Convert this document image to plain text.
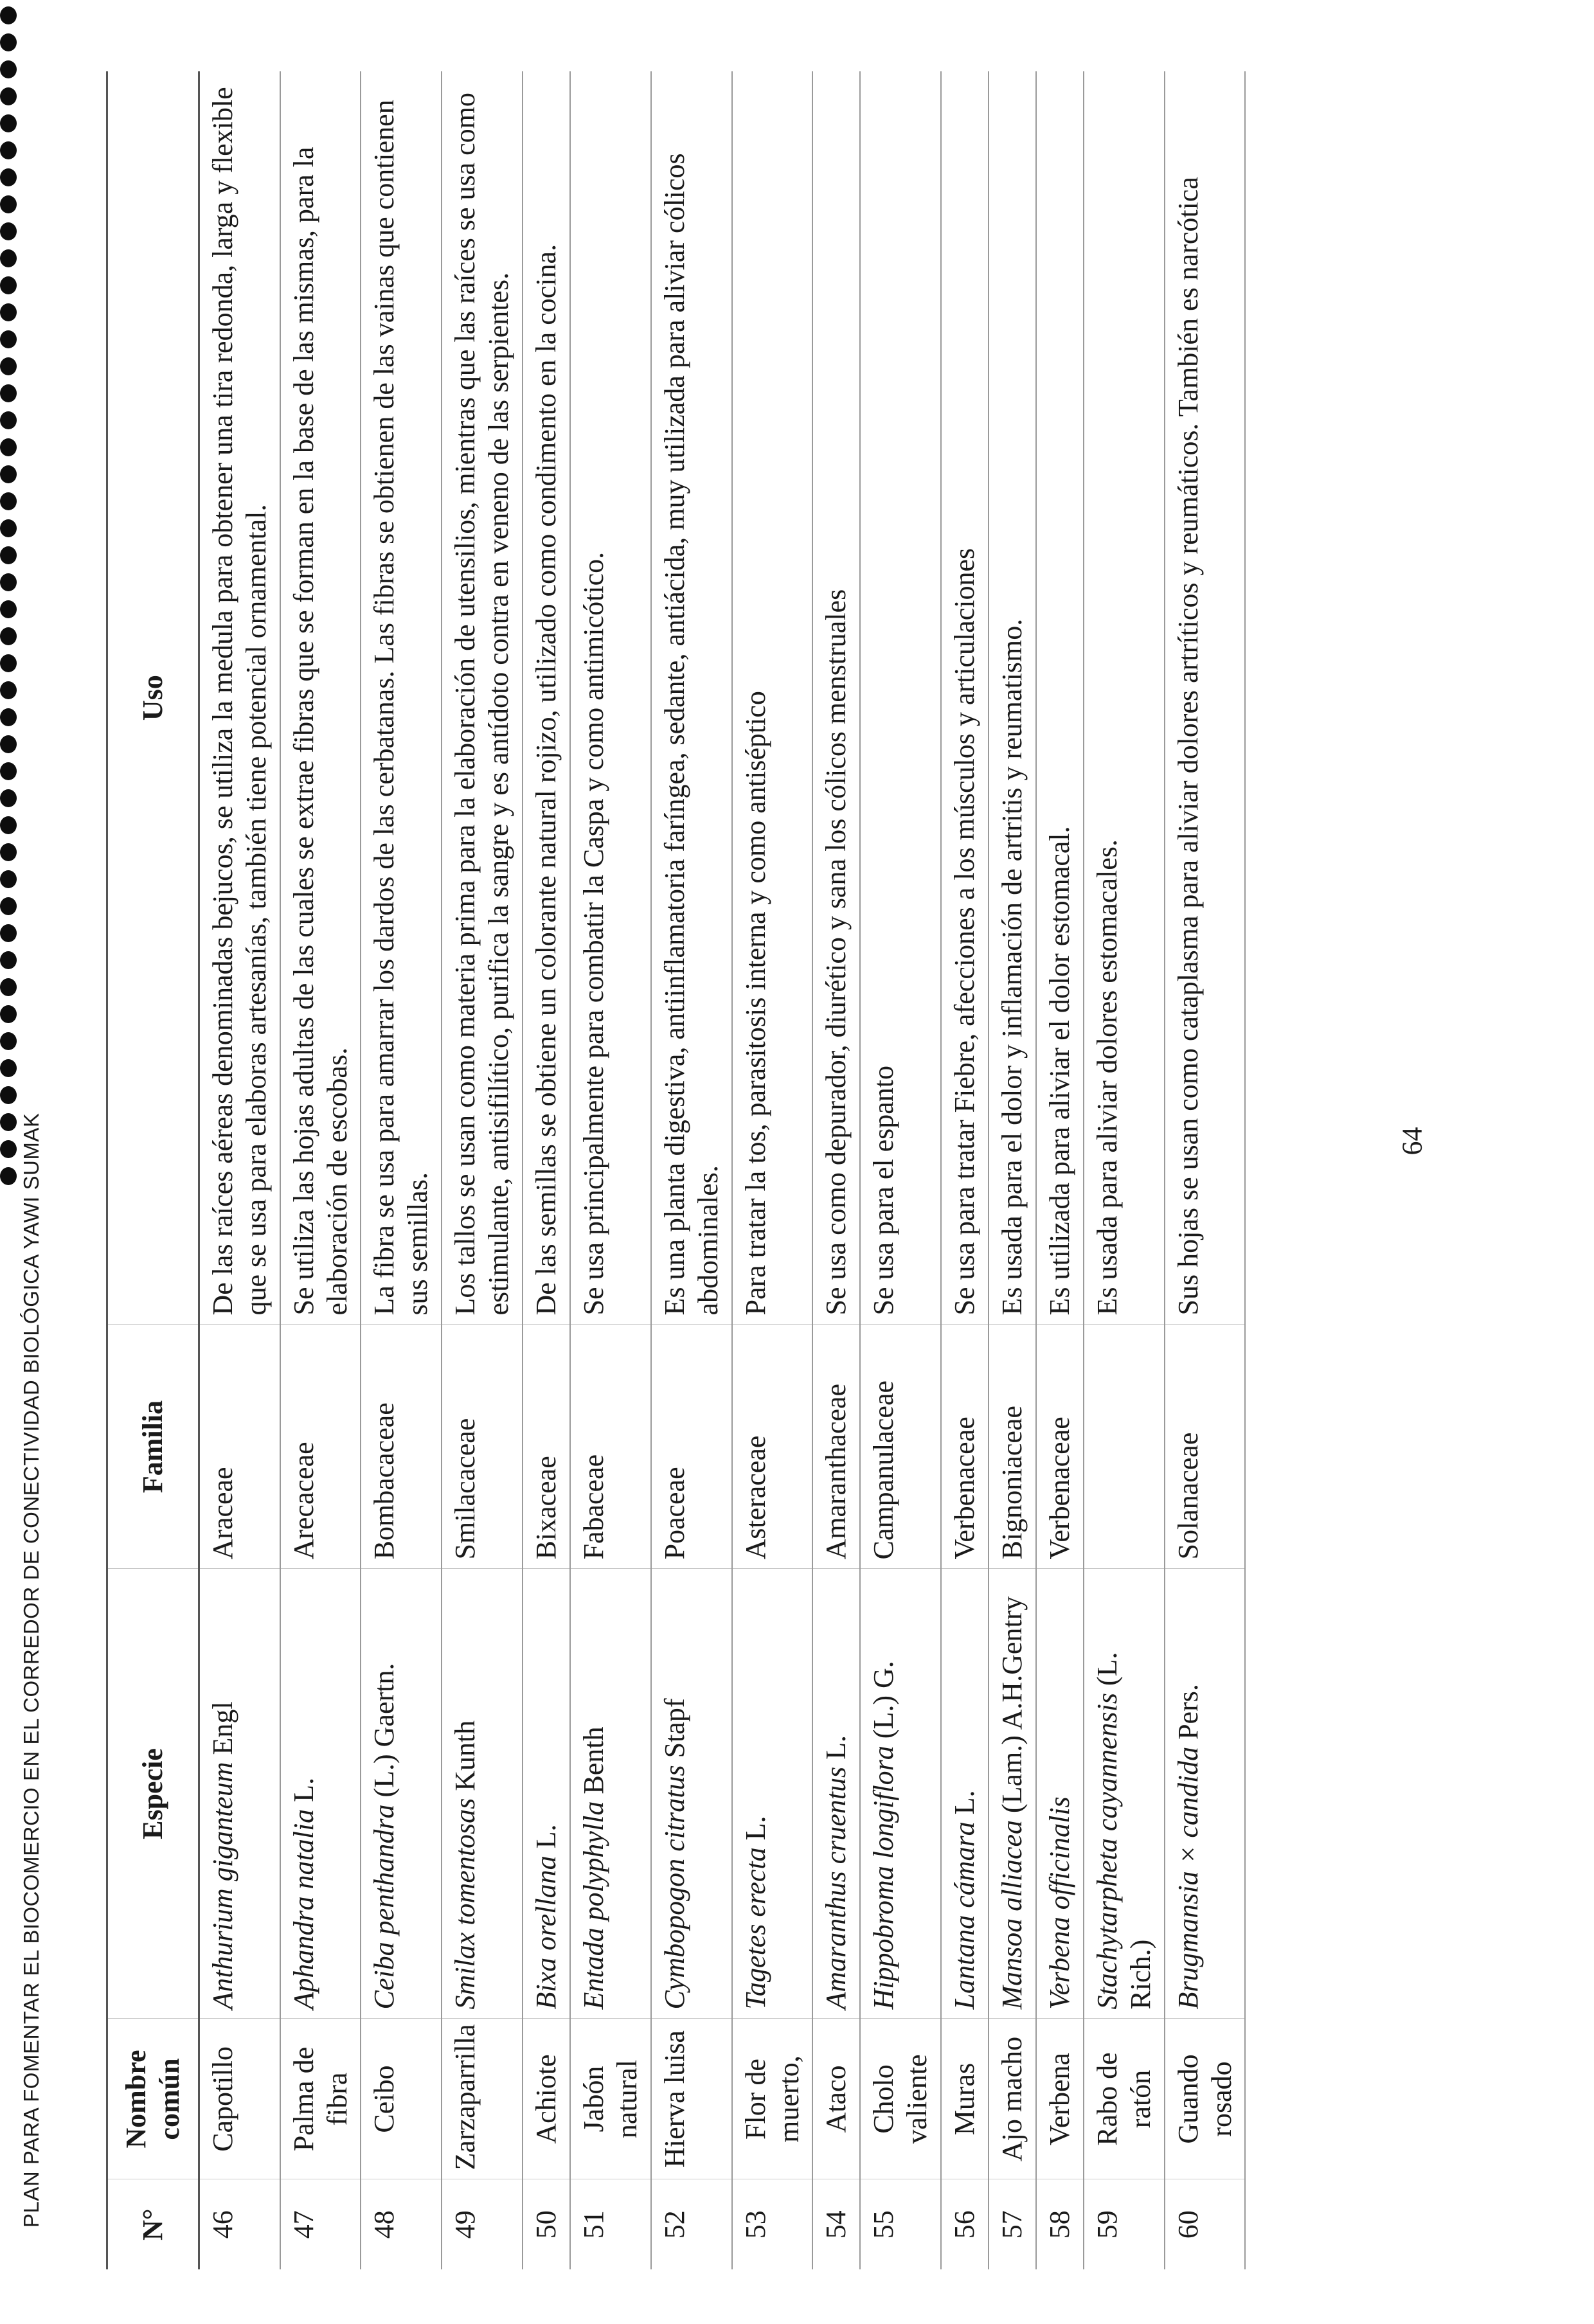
PLAN PARA FOMENTAR EL BIOCOMERCIO EN EL CORREDOR DE CONECTIVIDAD BIOLÓGICA YAWI SUMAK	N°	Nombre común	Especie	Familia	Uso
46	Capotillo	Anthurium giganteum Engl	Araceae	De las raíces aéreas denominadas bejucos, se utiliza la medula para obtener una tira redonda, larga y flexible que se usa para elaboras artesanías, también tiene potencial ornamental.
47	Palma de fibra	Aphandra natalia L.	Arecaceae	Se utiliza las hojas adultas de las cuales se extrae fibras que se forman en la base de las mismas, para la elaboración de escobas.
48	Ceibo	Ceiba penthandra (L.) Gaertn.	Bombacaceae	La fibra se usa para amarrar los dardos de las cerbatanas. Las fibras se obtienen de las vainas que contienen sus semillas.
49	Zarzaparrilla	Smilax tomentosas Kunth	Smilacaceae	Los tallos se usan como materia prima para la elaboración de utensilios, mientras que las raíces se usa como estimulante, antisifilítico, purifica la sangre y es antídoto contra en veneno de las serpientes.
50	Achiote	Bixa orellana L.	Bixaceae	De las semillas se obtiene un colorante natural rojizo, utilizado como condimento en la cocina.
51	Jabón natural	Entada polyphylla Benth	Fabaceae	Se usa principalmente para combatir la Caspa y como antimicótico.
52	Hierva luisa	Cymbopogon citratus Stapf	Poaceae	Es una planta digestiva, antiinflamatoria faríngea, sedante, antiácida, muy utilizada para aliviar cólicos abdominales.
53	Flor de muerto,	Tagetes erecta L.	Asteraceae	Para tratar la tos, parasitosis interna y como antiséptico
54	Ataco	Amaranthus cruentus L.	Amaranthaceae	Se usa como depurador, diurético y sana los cólicos menstruales
55	Cholo valiente	Hippobroma longiflora (L.) G.	Campanulaceae	Se usa para el espanto
56	Muras	Lantana cámara L.	Verbenaceae	Se usa para tratar Fiebre, afecciones a los músculos y articulaciones
57	Ajo macho	Mansoa alliacea (Lam.) A.H.Gentry	Bignoniaceae	Es usada para el dolor y inflamación de artritis y reumatismo.
58	Verbena	Verbena officinalis	Verbenaceae	Es utilizada para aliviar el dolor estomacal.
59	Rabo de ratón	Stachytarpheta cayannensis (L. Rich.)		Es usada para aliviar dolores estomacales.
60	Guando rosado	Brugmansia × candida Pers.	Solanaceae	Sus hojas se usan como cataplasma para aliviar dolores artríticos y reumáticos. También es narcótica	64
